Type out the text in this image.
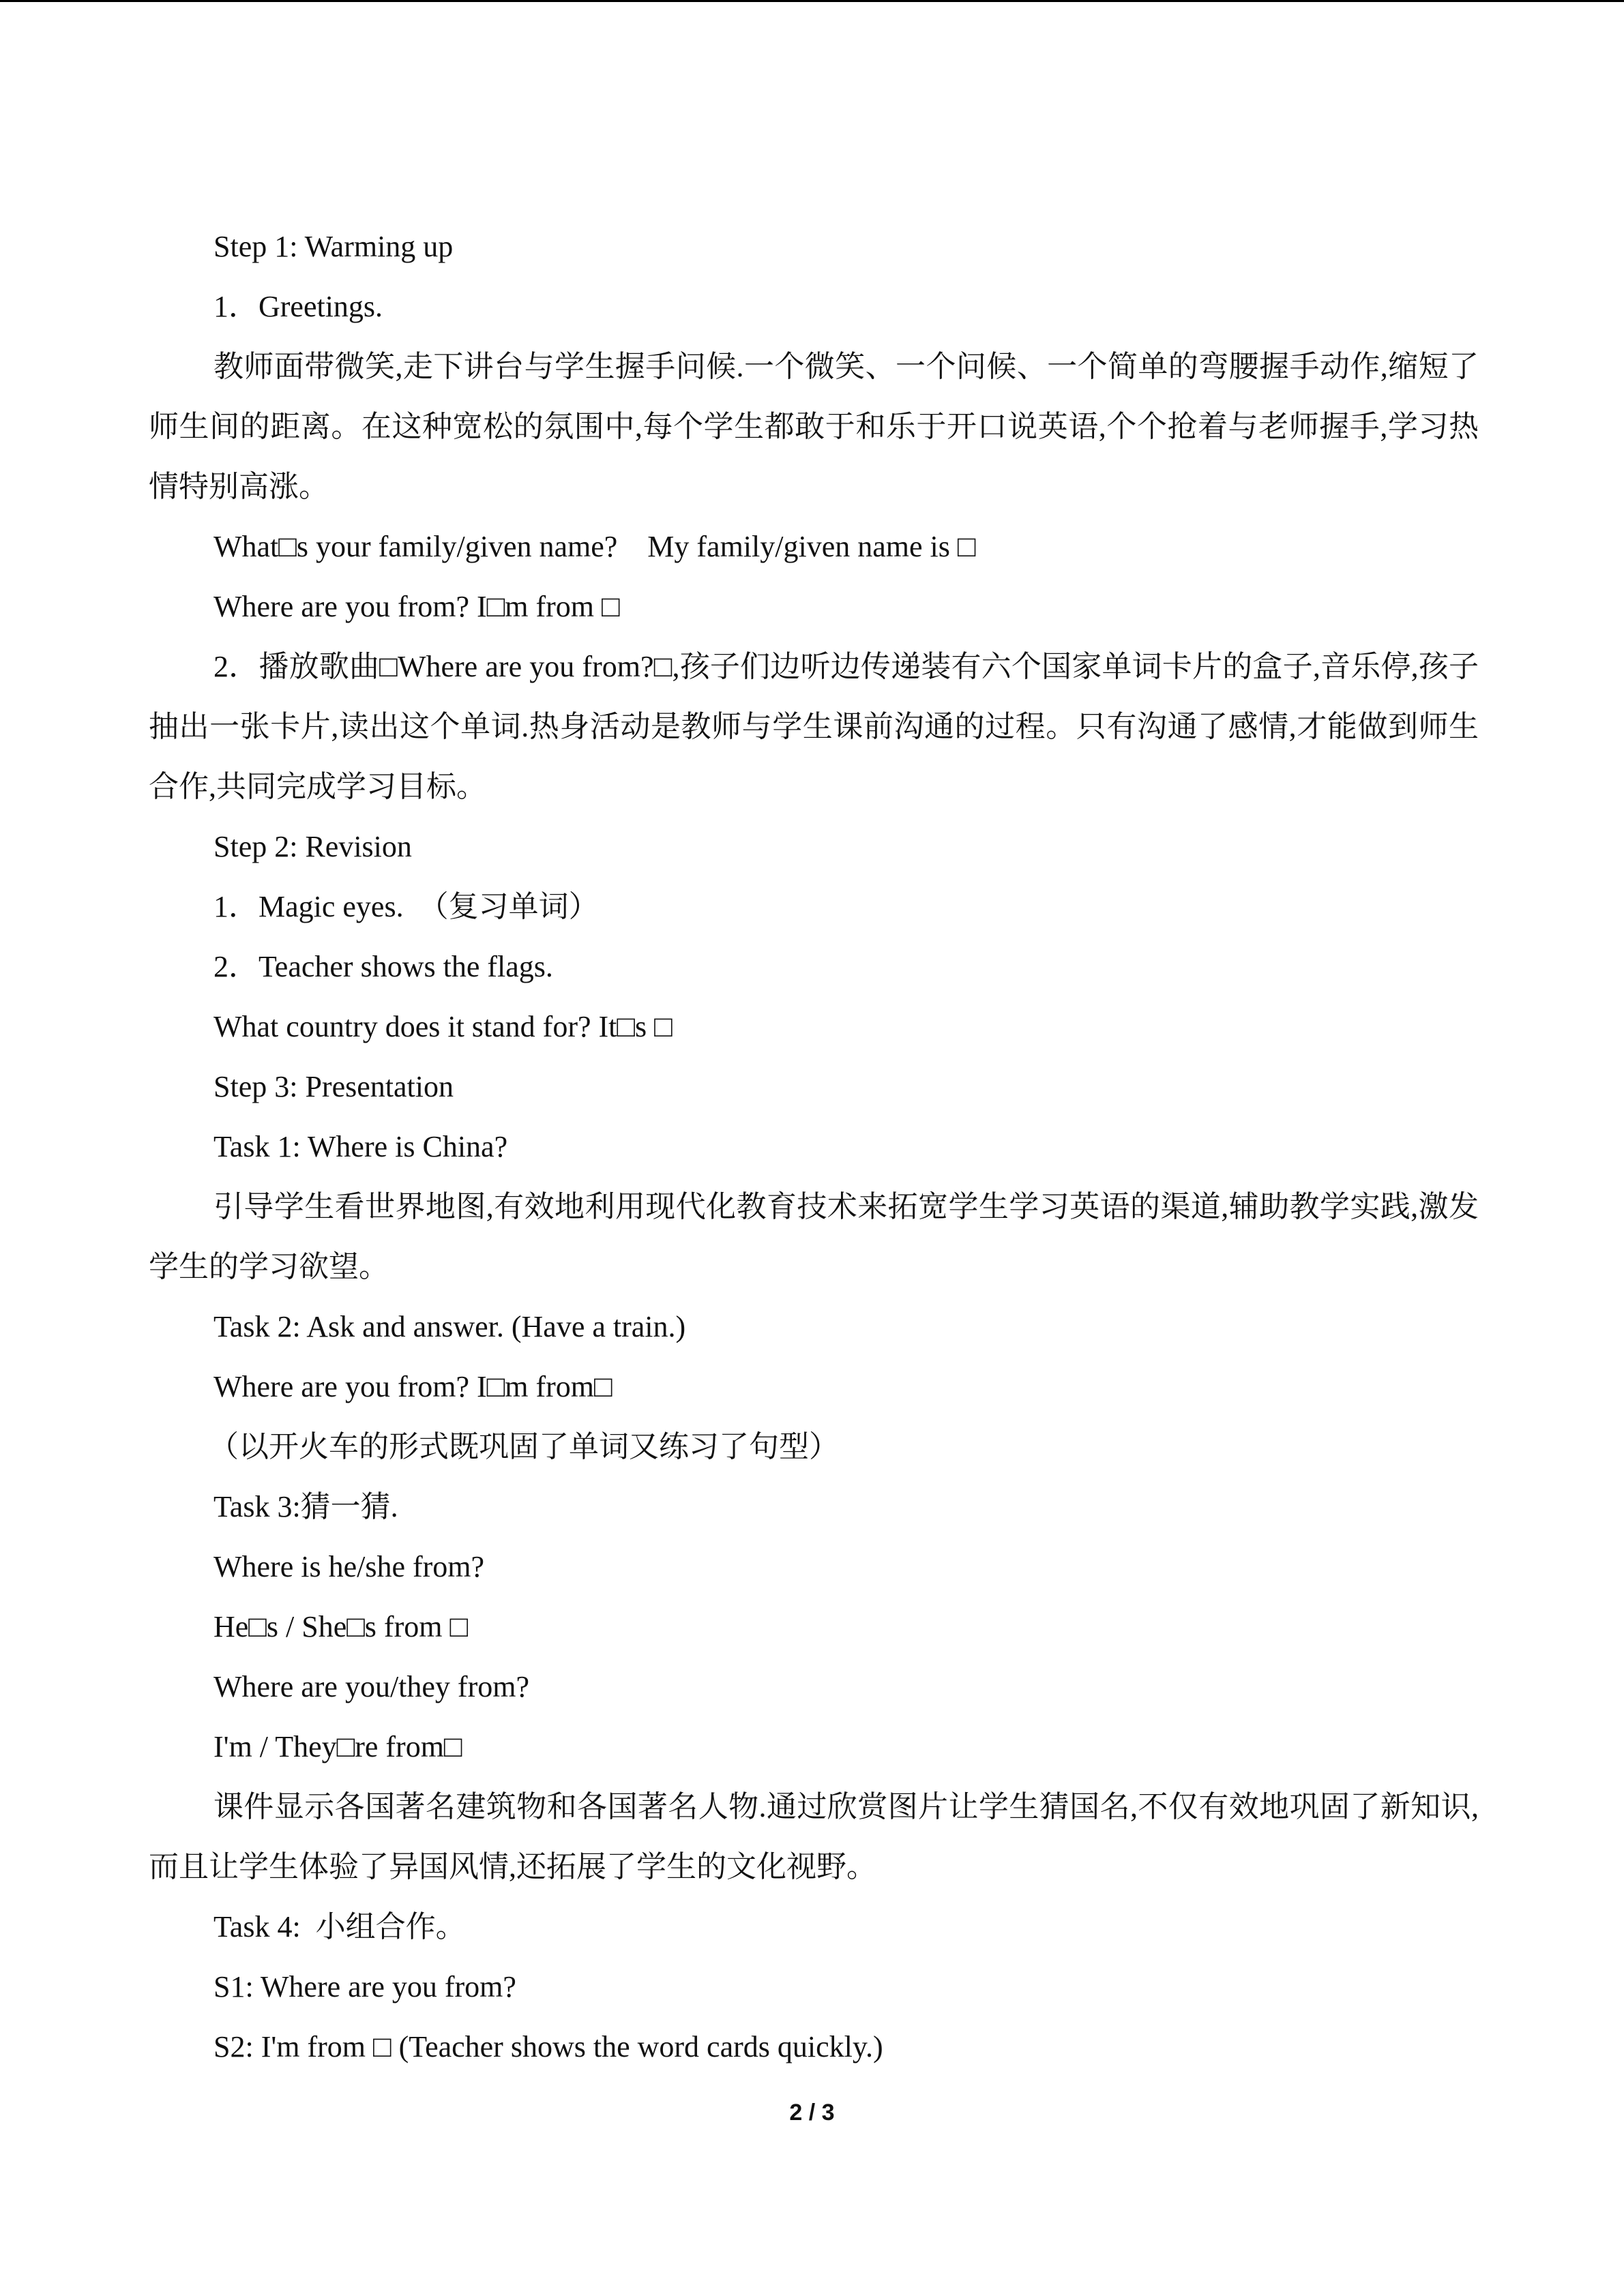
Step 1: Warming up
1．Greetings.

教师面带微笑,走下讲台与学生握手问候.一个微笑、一个问候、一个简单的弯腰握手动作,缩短了师生间的距离。在这种宽松的氛围中,每个学生都敢于和乐于开口说英语,个个抢着与老师握手,学习热情特别高涨。

What□s your family/given name?    My family/given name is □
Where are you from? I□m from □

2．播放歌曲□Where are you from?□,孩子们边听边传递装有六个国家单词卡片的盒子,音乐停,孩子抽出一张卡片,读出这个单词.热身活动是教师与学生课前沟通的过程。只有沟通了感情,才能做到师生合作,共同完成学习目标。

Step 2: Revision
1．Magic eyes.  （复习单词）
2．Teacher shows the flags.
What country does it stand for? It□s □
Step 3: Presentation
Task 1: Where is China?

引导学生看世界地图,有效地利用现代化教育技术来拓宽学生学习英语的渠道,辅助教学实践,激发学生的学习欲望。

Task 2: Ask and answer. (Have a train.)
Where are you from? I□m from□
（以开火车的形式既巩固了单词又练习了句型）
Task 3:猜一猜.
Where is he/she from?
He□s / She□s from □
Where are you/they from?
I'm / They□re from□

课件显示各国著名建筑物和各国著名人物.通过欣赏图片让学生猜国名,不仅有效地巩固了新知识,而且让学生体验了异国风情,还拓展了学生的文化视野。

Task 4:  小组合作。
S1: Where are you from?
S2: I'm from □ (Teacher shows the word cards quickly.)
2 / 3
